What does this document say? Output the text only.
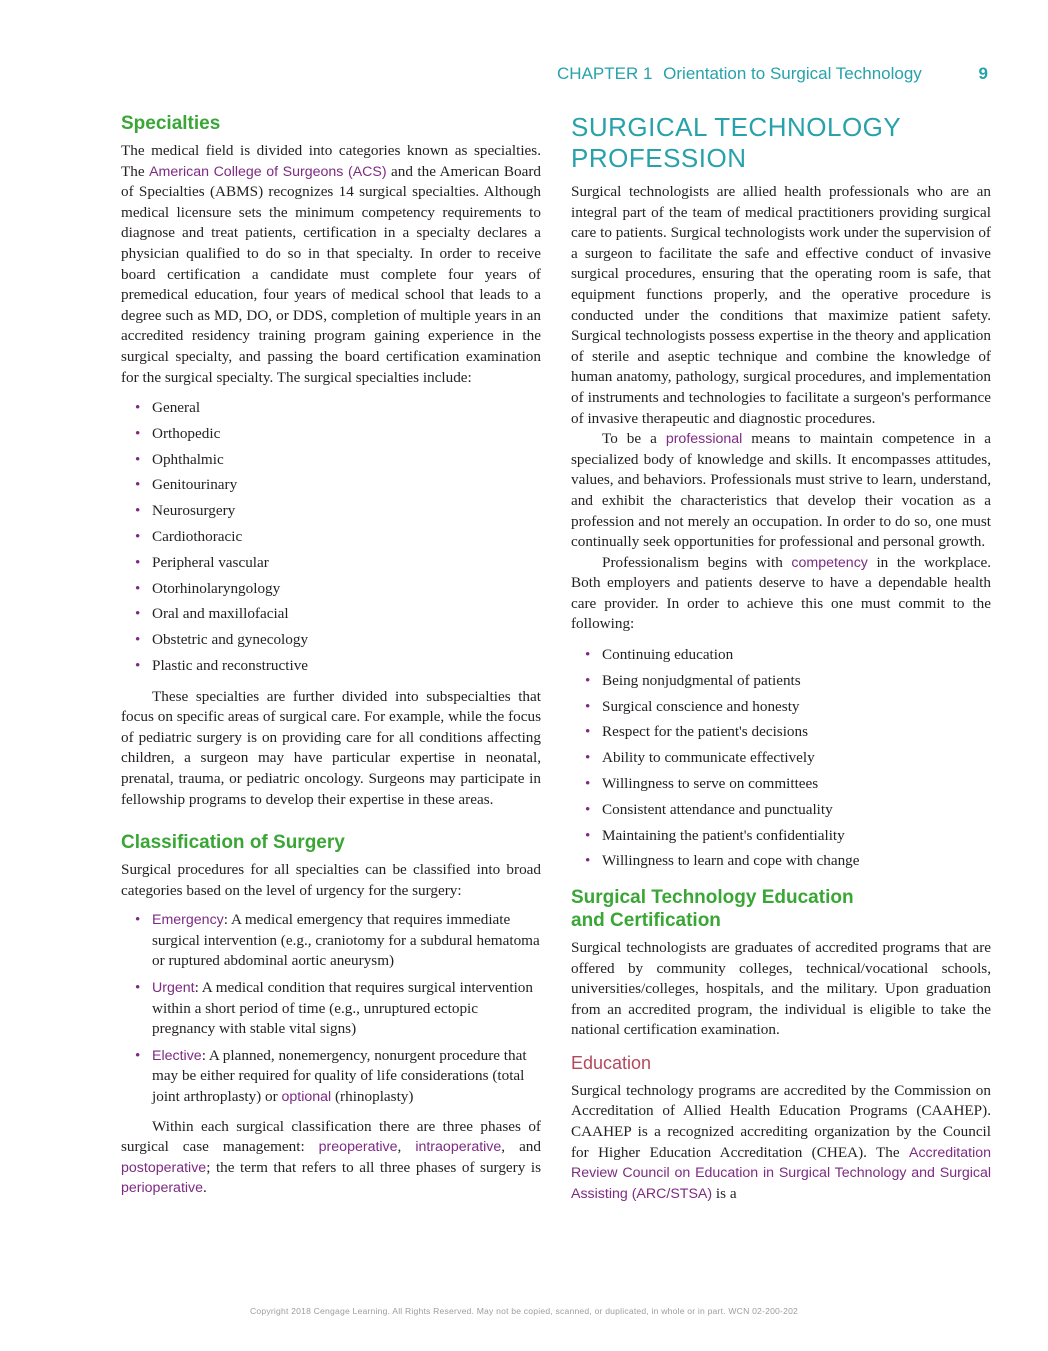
CHAPTER 1 Orientation to Surgical Technology	9
Specialties

The medical field is divided into categories known as specialties. The American College of Surgeons (ACS) and the American Board of Specialties (ABMS) recognizes 14 surgical specialties. Although medical licensure sets the minimum competency requirements to diagnose and treat patients, certification in a specialty declares a physician qualified to do so in that specialty. In order to receive board certification a candidate must complete four years of premedical education, four years of medical school that leads to a degree such as MD, DO, or DDS, completion of multiple years in an accredited residency training program gaining experience in the surgical specialty, and passing the board certification examination for the surgical specialty. The surgical specialties include:

• General
• Orthopedic
• Ophthalmic
• Genitourinary
• Neurosurgery
• Cardiothoracic
• Peripheral vascular
• Otorhinolaryngology
• Oral and maxillofacial
• Obstetric and gynecology
• Plastic and reconstructive

These specialties are further divided into subspecialties that focus on specific areas of surgical care. For example, while the focus of pediatric surgery is on providing care for all conditions affecting children, a surgeon may have particular expertise in neonatal, prenatal, trauma, or pediatric oncology. Surgeons may participate in fellowship programs to develop their expertise in these areas.

Classification of Surgery

Surgical procedures for all specialties can be classified into broad categories based on the level of urgency for the surgery:

• Emergency: A medical emergency that requires immediate surgical intervention (e.g., craniotomy for a subdural hematoma or ruptured abdominal aortic aneurysm)
• Urgent: A medical condition that requires surgical intervention within a short period of time (e.g., unruptured ectopic pregnancy with stable vital signs)
• Elective: A planned, nonemergency, nonurgent procedure that may be either required for quality of life considerations (total joint arthroplasty) or optional (rhinoplasty)

Within each surgical classification there are three phases of surgical case management: preoperative, intraoperative, and postoperative; the term that refers to all three phases of surgery is perioperative.

SURGICAL TECHNOLOGY
PROFESSION

Surgical technologists are allied health professionals who are an integral part of the team of medical practitioners providing surgical care to patients. Surgical technologists work under the supervision of a surgeon to facilitate the safe and effective conduct of invasive surgical procedures, ensuring that the operating room is safe, that equipment functions properly, and the operative procedure is conducted under the conditions that maximize patient safety. Surgical technologists possess expertise in the theory and application of sterile and aseptic technique and combine the knowledge of human anatomy, pathology, surgical procedures, and implementation of instruments and technologies to facilitate a surgeon's performance of invasive therapeutic and diagnostic procedures.

To be a professional means to maintain competence in a specialized body of knowledge and skills. It encompasses attitudes, values, and behaviors. Professionals must strive to learn, understand, and exhibit the characteristics that develop their vocation as a profession and not merely an occupation. In order to do so, one must continually seek opportunities for professional and personal growth.

Professionalism begins with competency in the workplace. Both employers and patients deserve to have a dependable health care provider. In order to achieve this one must commit to the following:

• Continuing education
• Being nonjudgmental of patients
• Surgical conscience and honesty
• Respect for the patient's decisions
• Ability to communicate effectively
• Willingness to serve on committees
• Consistent attendance and punctuality
• Maintaining the patient's confidentiality
• Willingness to learn and cope with change
Surgical Technology Education
and Certification

Surgical technologists are graduates of accredited programs that are offered by community colleges, technical/vocational schools, universities/colleges, hospitals, and the military. Upon graduation from an accredited program, the individual is eligible to take the national certification examination.

Education

Surgical technology programs are accredited by the Commission on Accreditation of Allied Health Education Programs (CAAHEP). CAAHEP is a recognized accrediting organization by the Council for Higher Education Accreditation (CHEA). The Accreditation Review Council on Education in Surgical Technology and Surgical Assisting (ARC/STSA) is a

Copyright 2018 Cengage Learning. All Rights Reserved. May not be copied, scanned, or duplicated, in whole or in part. WCN 02-200-202
